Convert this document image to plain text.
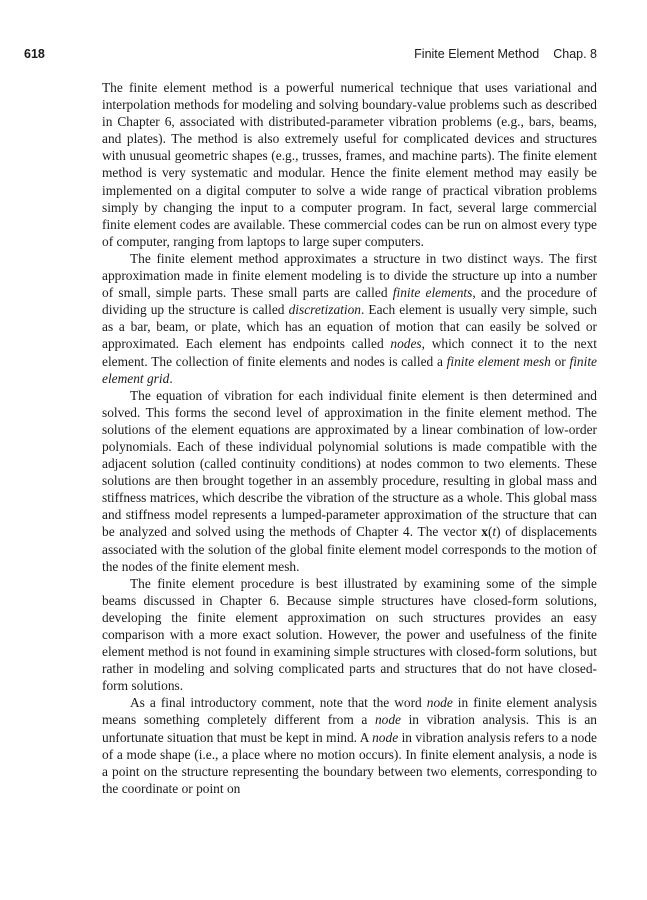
618	Finite Element Method Chap. 8

The finite element method is a powerful numerical technique that uses variational and interpolation methods for modeling and solving boundary-value problems such as described in Chapter 6, associated with distributed-parameter vibration problems (e.g., bars, beams, and plates). The method is also extremely useful for complicated devices and structures with unusual geometric shapes (e.g., trusses, frames, and machine parts). The finite element method is very systematic and modular. Hence the finite element method may easily be implemented on a digital computer to solve a wide range of practical vibration problems simply by changing the input to a computer program. In fact, several large commercial finite element codes are available. These commercial codes can be run on almost every type of computer, ranging from laptops to large super computers.

The finite element method approximates a structure in two distinct ways. The first approximation made in finite element modeling is to divide the structure up into a number of small, simple parts. These small parts are called finite elements, and the procedure of dividing up the structure is called discretization. Each element is usually very simple, such as a bar, beam, or plate, which has an equation of motion that can easily be solved or approximated. Each element has endpoints called nodes, which connect it to the next element. The collection of finite elements and nodes is called a finite element mesh or finite element grid.

The equation of vibration for each individual finite element is then determined and solved. This forms the second level of approximation in the finite element method. The solutions of the element equations are approximated by a linear combination of low-order polynomials. Each of these individual polynomial solutions is made compatible with the adjacent solution (called continuity conditions) at nodes common to two elements. These solutions are then brought together in an assembly procedure, resulting in global mass and stiffness matrices, which describe the vibration of the structure as a whole. This global mass and stiffness model represents a lumped-parameter approximation of the structure that can be analyzed and solved using the methods of Chapter 4. The vector x(t) of displacements associated with the solution of the global finite element model corresponds to the motion of the nodes of the finite element mesh.

The finite element procedure is best illustrated by examining some of the simple beams discussed in Chapter 6. Because simple structures have closed-form solutions, developing the finite element approximation on such structures provides an easy comparison with a more exact solution. However, the power and usefulness of the finite element method is not found in examining simple structures with closed-form solutions, but rather in modeling and solving complicated parts and structures that do not have closed-form solutions.

As a final introductory comment, note that the word node in finite element analysis means something completely different from a node in vibration analysis. This is an unfortunate situation that must be kept in mind. A node in vibration analysis refers to a node of a mode shape (i.e., a place where no motion occurs). In finite element analysis, a node is a point on the structure representing the boundary between two elements, corresponding to the coordinate or point on
